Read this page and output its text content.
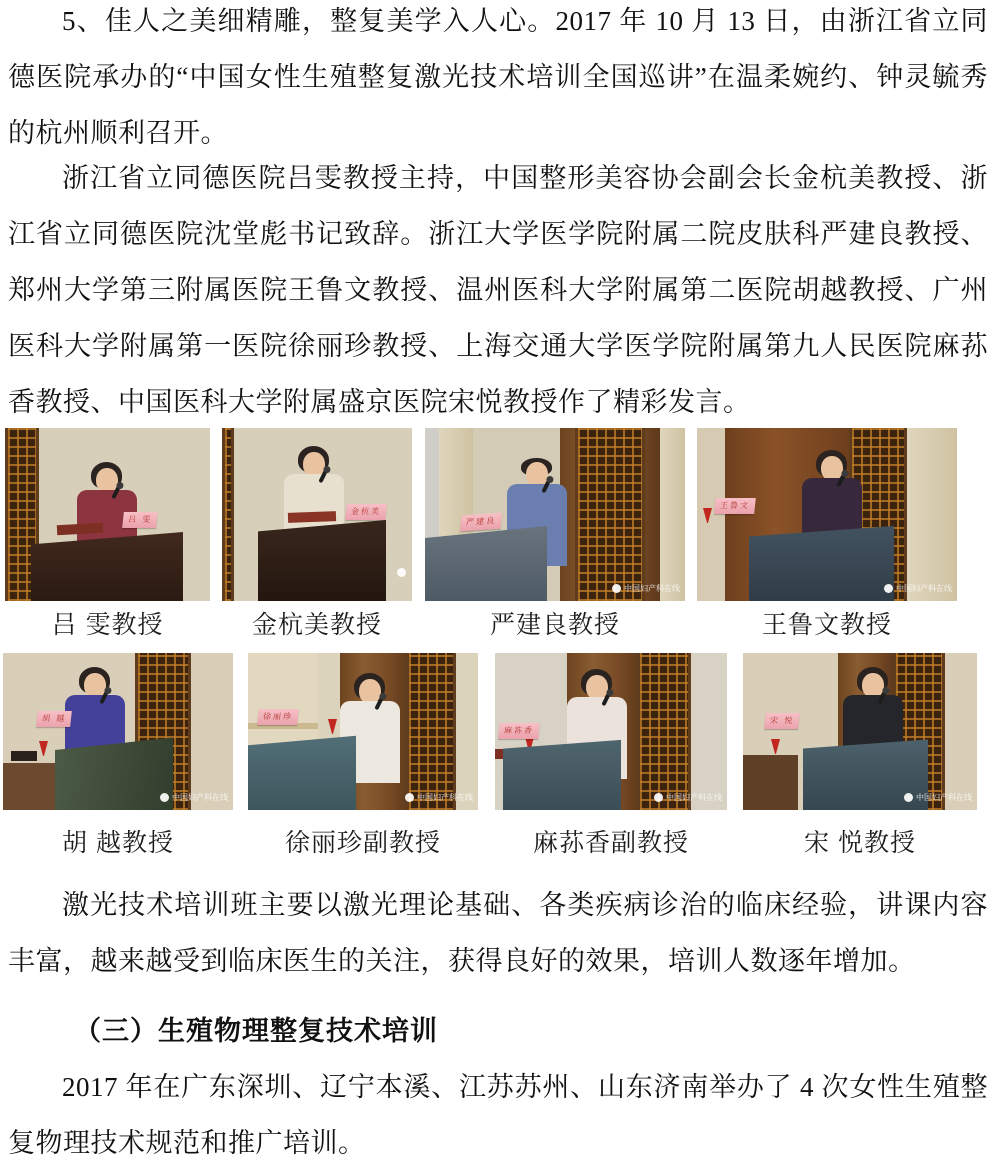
5、佳人之美细精雕，整复美学入人心。2017 年 10 月 13 日，由浙江省立同德医院承办的“中国女性生殖整复激光技术培训全国巡讲”在温柔婉约、钟灵毓秀的杭州顺利召开。
浙江省立同德医院吕雯教授主持，中国整形美容协会副会长金杭美教授、浙江省立同德医院沈堂彪书记致辞。浙江大学医学院附属二院皮肤科严建良教授、郑州大学第三附属医院王鲁文教授、温州医科大学附属第二医院胡越教授、广州医科大学附属第一医院徐丽珍教授、上海交通大学医学院附属第九人民医院麻荪香教授、中国医科大学附属盛京医院宋悦教授作了精彩发言。
吕 雯
金杭美
严建良
中国妇产科在线
王鲁文
中国妇产科在线
吕 雯教授	金杭美教授	严建良教授	王鲁文教授
胡 越
中国妇产科在线
徐丽珍
中国妇产科在线
麻荪香
中国妇产科在线
宋 悦
中国妇产科在线
胡 越教授	徐丽珍副教授	麻荪香副教授	宋 悦教授
激光技术培训班主要以激光理论基础、各类疾病诊治的临床经验，讲课内容丰富，越来越受到临床医生的关注，获得良好的效果，培训人数逐年增加。
（三）生殖物理整复技术培训
2017 年在广东深圳、辽宁本溪、江苏苏州、山东济南举办了 4 次女性生殖整复物理技术规范和推广培训。
